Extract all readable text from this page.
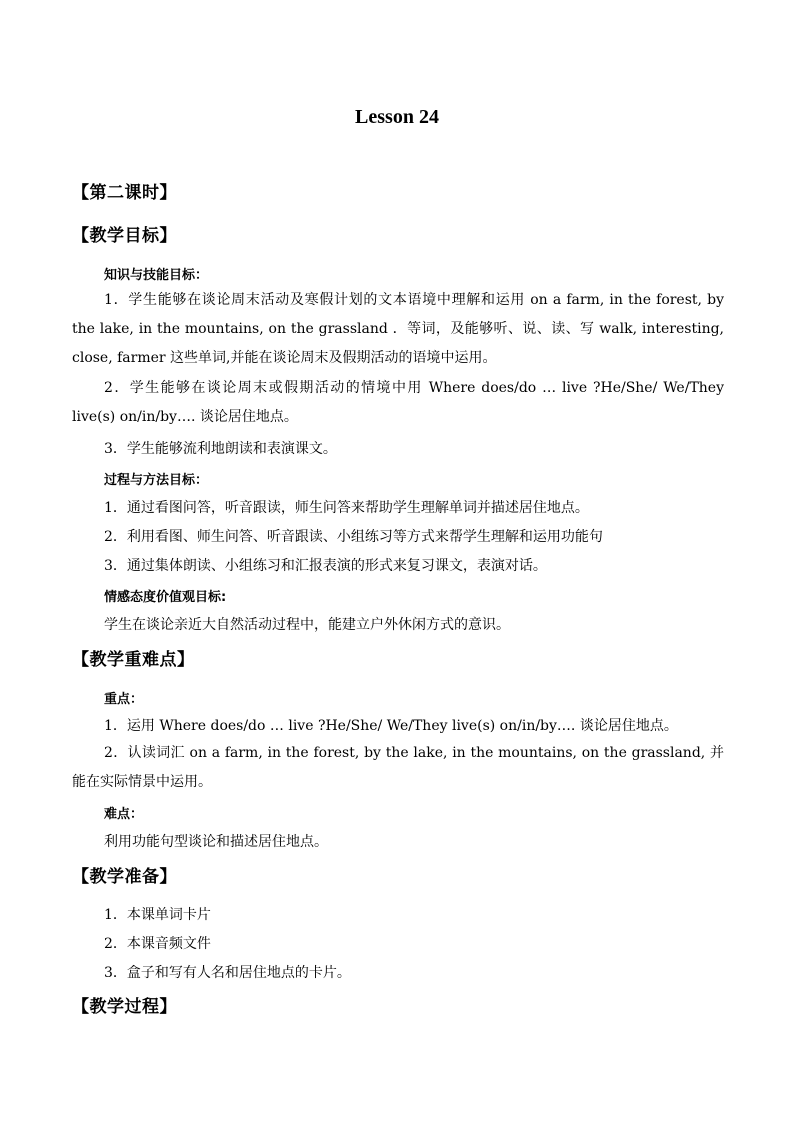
Lesson 24
【第二课时】
【教学目标】
知识与技能目标：
1．学生能够在谈论周末活动及寒假计划的文本语境中理解和运用 on a farm, in the forest, by the lake, in the mountains, on the grassland ．等词，及能够听、说、读、写 walk, interesting, close, farmer 这些单词,并能在谈论周末及假期活动的语境中运用。
2．学生能够在谈论周末或假期活动的情境中用 Where does/do … live ?He/She/ We/They live(s) on/in/by…. 谈论居住地点。
3．学生能够流利地朗读和表演课文。
过程与方法目标：
1．通过看图问答，听音跟读，师生问答来帮助学生理解单词并描述居住地点。
2．利用看图、师生问答、听音跟读、小组练习等方式来帮学生理解和运用功能句
3．通过集体朗读、小组练习和汇报表演的形式来复习课文，表演对话。
情感态度价值观目标:
学生在谈论亲近大自然活动过程中，能建立户外休闲方式的意识。
【教学重难点】
重点：
1．运用 Where does/do … live ?He/She/ We/They live(s) on/in/by…. 谈论居住地点。
2．认读词汇 on a farm, in the forest, by the lake, in the mountains, on the grassland, 并能在实际情景中运用。
难点：
利用功能句型谈论和描述居住地点。
【教学准备】
1．本课单词卡片
2．本课音频文件
3．盒子和写有人名和居住地点的卡片。
【教学过程】
